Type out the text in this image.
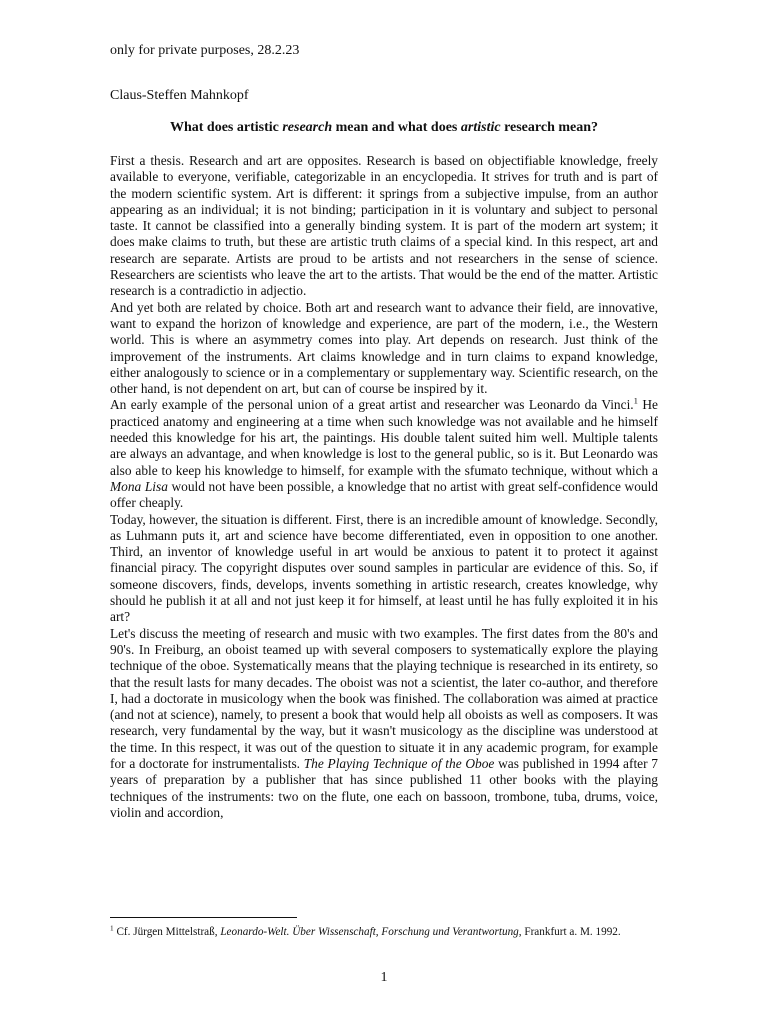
only for private purposes, 28.2.23
Claus-Steffen Mahnkopf
What does artistic research mean and what does artistic research mean?

First a thesis. Research and art are opposites. Research is based on objectifiable knowledge, freely available to everyone, verifiable, categorizable in an encyclopedia. It strives for truth and is part of the modern scientific system. Art is different: it springs from a subjective impulse, from an author appearing as an individual; it is not binding; participation in it is voluntary and subject to personal taste. It cannot be classified into a generally binding system. It is part of the modern art system; it does make claims to truth, but these are artistic truth claims of a special kind. In this respect, art and research are separate. Artists are proud to be artists and not researchers in the sense of science. Researchers are scientists who leave the art to the artists. That would be the end of the matter. Artistic research is a contradictio in adjectio.

And yet both are related by choice. Both art and research want to advance their field, are innovative, want to expand the horizon of knowledge and experience, are part of the modern, i.e., the Western world. This is where an asymmetry comes into play. Art depends on research. Just think of the improvement of the instruments. Art claims knowledge and in turn claims to expand knowledge, either analogously to science or in a complementary or supplementary way. Scientific research, on the other hand, is not dependent on art, but can of course be inspired by it.

An early example of the personal union of a great artist and researcher was Leonardo da Vinci.$^1$ He practiced anatomy and engineering at a time when such knowledge was not available and he himself needed this knowledge for his art, the paintings. His double talent suited him well. Multiple talents are always an advantage, and when knowledge is lost to the general public, so is it. But Leonardo was also able to keep his knowledge to himself, for example with the sfumato technique, without which a Mona Lisa would not have been possible, a knowledge that no artist with great self-confidence would offer cheaply.

Today, however, the situation is different. First, there is an incredible amount of knowledge. Secondly, as Luhmann puts it, art and science have become differentiated, even in opposition to one another. Third, an inventor of knowledge useful in art would be anxious to patent it to protect it against financial piracy. The copyright disputes over sound samples in particular are evidence of this. So, if someone discovers, finds, develops, invents something in artistic research, creates knowledge, why should he publish it at all and not just keep it for himself, at least until he has fully exploited it in his art?

Let's discuss the meeting of research and music with two examples. The first dates from the 80's and 90's. In Freiburg, an oboist teamed up with several composers to systematically explore the playing technique of the oboe. Systematically means that the playing technique is researched in its entirety, so that the result lasts for many decades. The oboist was not a scientist, the later co-author, and therefore I, had a doctorate in musicology when the book was finished. The collaboration was aimed at practice (and not at science), namely, to present a book that would help all oboists as well as composers. It was research, very fundamental by the way, but it wasn't musicology as the discipline was understood at the time. In this respect, it was out of the question to situate it in any academic program, for example for a doctorate for instrumentalists. The Playing Technique of the Oboe was published in 1994 after 7 years of preparation by a publisher that has since published 11 other books with the playing techniques of the instruments: two on the flute, one each on bassoon, trombone, tuba, drums, voice, violin and accordion,

$^1$ Cf. Jürgen Mittelstraß, Leonardo-Welt. Über Wissenschaft, Forschung und Verantwortung, Frankfurt a. M. 1992.
1
